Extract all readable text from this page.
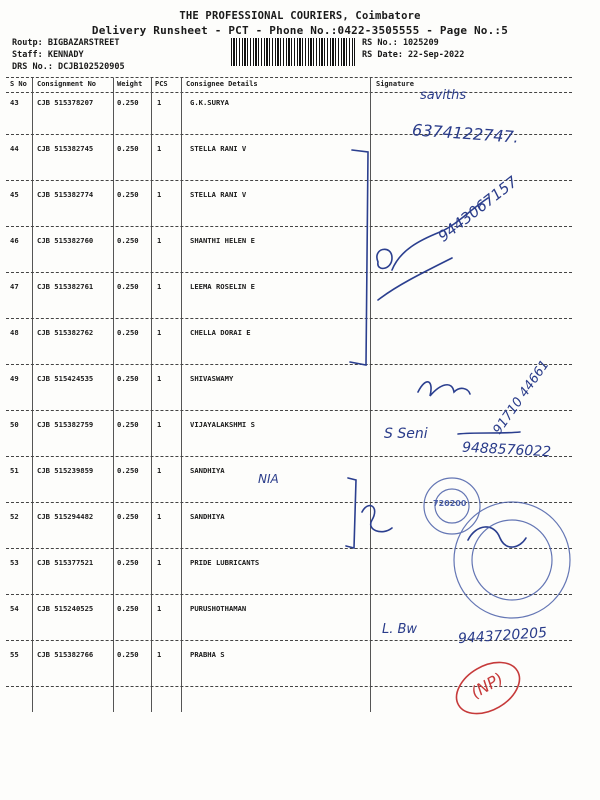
THE PROFESSIONAL COURIERS, Coimbatore
Delivery Runsheet - PCT - Phone No.:0422-3505555 - Page No.:5
Routp: BIGBAZARSTREET
Staff: KENNADY
DRS No.: DCJB102520905
RS No.: 1025209
RS Date: 22-Sep-2022
S No Consignment No	Weight PCS	Consignee Details	Signature
43	CJB 515378207	0.250	1	G.K.SURYA
44	CJB 515382745	0.250	1	STELLA RANI V
45	CJB 515382774	0.250	1	STELLA RANI V
46	CJB 515382760	0.250	1	SHANTHI HELEN E
47	CJB 515382761	0.250	1	LEEMA ROSELIN E
48	CJB 515382762	0.250	1	CHELLA DORAI E
49	CJB 515424535	0.250	1	SHIVASWAMY
50	CJB 515382759	0.250	1	VIJAYALAKSHMI S
51	CJB 515239859	0.250	1	SANDHIYA
52	CJB 515294482	0.250	1	SANDHIYA
53	CJB 515377521	0.250	1	PRIDE LUBRICANTS
54	CJB 515240525	0.250	1	PURUSHOTHAMAN
55	CJB 515382766	0.250	1	PRABHA S
saviths
6374122747.
9443067157
91710 44661
S Seni
9488576022
NIA
720200
L. Bw	9443720205
(NP)
